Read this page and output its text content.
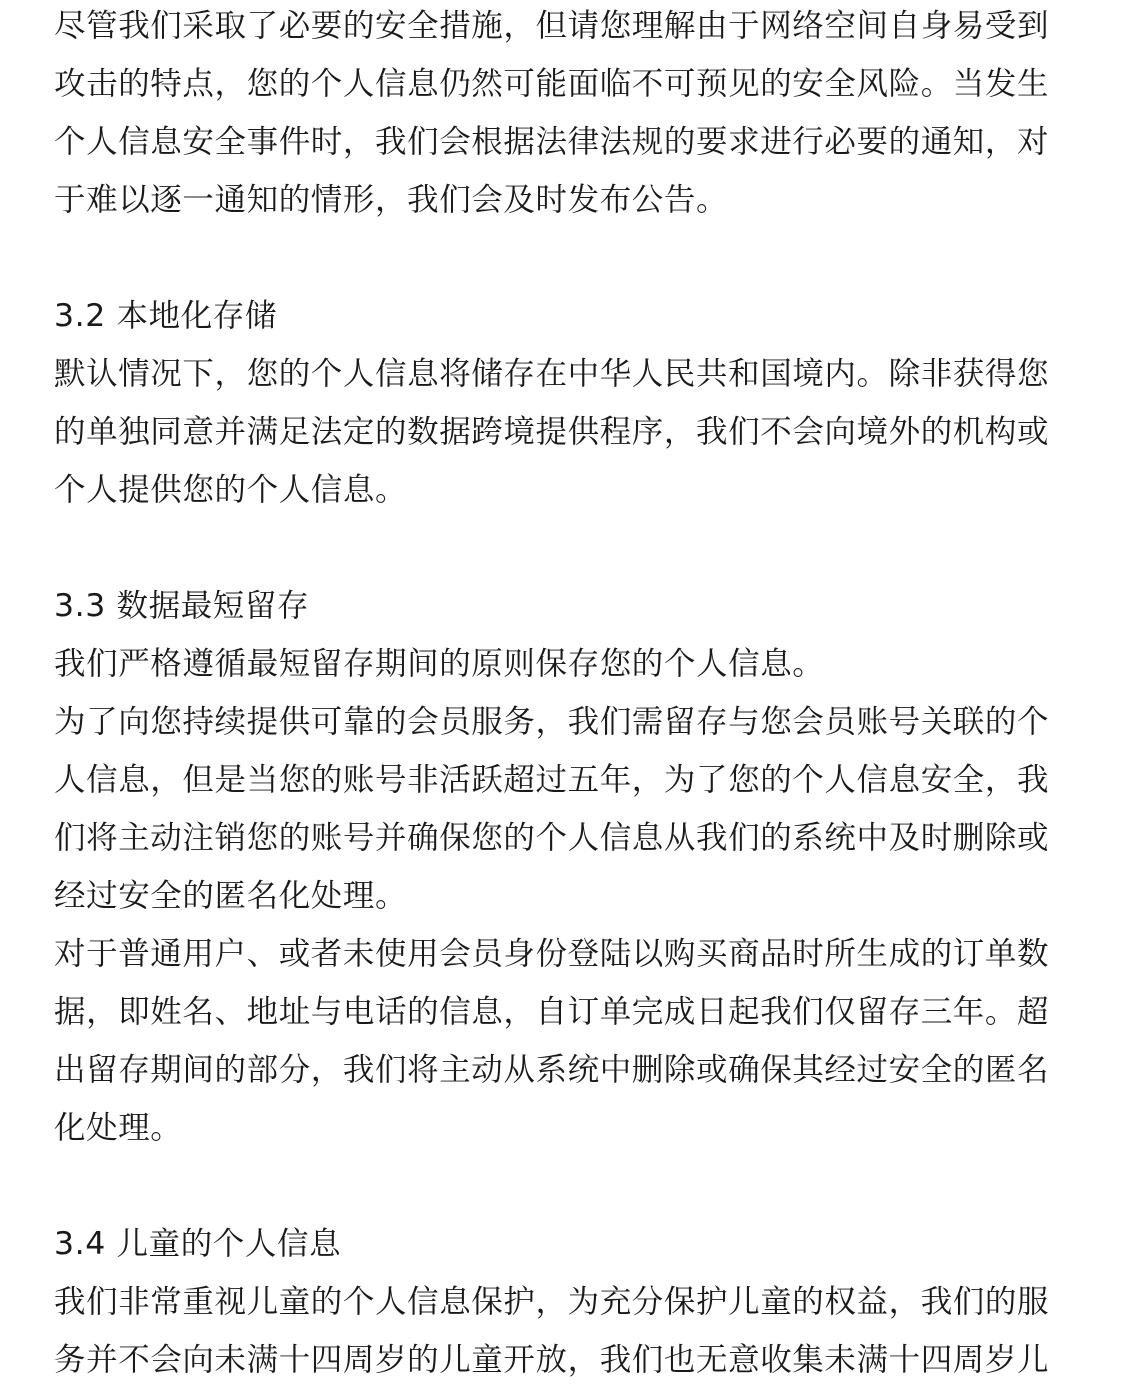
尽管我们采取了必要的安全措施，但请您理解由于网络空间自身易受到
攻击的特点，您的个人信息仍然可能面临不可预见的安全风险。当发生
个人信息安全事件时，我们会根据法律法规的要求进行必要的通知，对
于难以逐一通知的情形，我们会及时发布公告。
3.2 本地化存储
默认情况下，您的个人信息将储存在中华人民共和国境内。除非获得您
的单独同意并满足法定的数据跨境提供程序，我们不会向境外的机构或
个人提供您的个人信息。
3.3 数据最短留存
我们严格遵循最短留存期间的原则保存您的个人信息。
为了向您持续提供可靠的会员服务，我们需留存与您会员账号关联的个
人信息，但是当您的账号非活跃超过五年，为了您的个人信息安全，我
们将主动注销您的账号并确保您的个人信息从我们的系统中及时删除或
经过安全的匿名化处理。
对于普通用户、或者未使用会员身份登陆以购买商品时所生成的订单数
据，即姓名、地址与电话的信息，自订单完成日起我们仅留存三年。超
出留存期间的部分，我们将主动从系统中删除或确保其经过安全的匿名
化处理。
3.4 儿童的个人信息
我们非常重视儿童的个人信息保护，为充分保护儿童的权益，我们的服
务并不会向未满十四周岁的儿童开放，我们也无意收集未满十四周岁儿
